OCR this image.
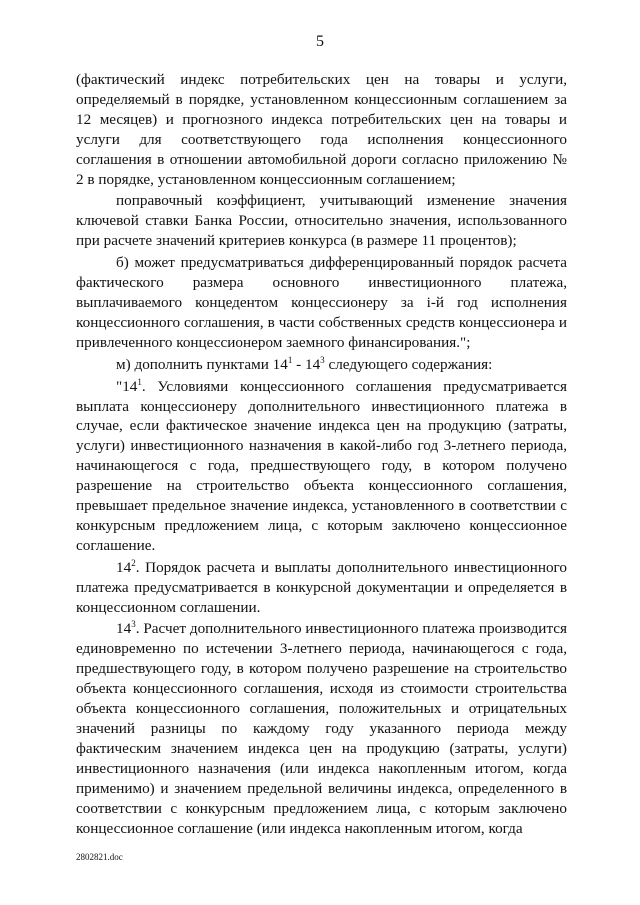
5

(фактический индекс потребительских цен на товары и услуги, определяемый в порядке, установленном концессионным соглашением за 12 месяцев) и прогнозного индекса потребительских цен на товары и услуги для соответствующего года исполнения концессионного соглашения в отношении автомобильной дороги согласно приложению № 2 в порядке, установленном концессионным соглашением;

поправочный коэффициент, учитывающий изменение значения ключевой ставки Банка России, относительно значения, использованного при расчете значений критериев конкурса (в размере 11 процентов);

б) может предусматриваться дифференцированный порядок расчета фактического размера основного инвестиционного платежа, выплачиваемого концедентом концессионеру за i-й год исполнения концессионного соглашения, в части собственных средств концессионера и привлеченного концессионером заемного финансирования.";

м) дополнить пунктами $14^1 - 14^3$ следующего содержания:

"$14^1$. Условиями концессионного соглашения предусматривается выплата концессионеру дополнительного инвестиционного платежа в случае, если фактическое значение индекса цен на продукцию (затраты, услуги) инвестиционного назначения в какой-либо год 3-летнего периода, начинающегося с года, предшествующего году, в котором получено разрешение на строительство объекта концессионного соглашения, превышает предельное значение индекса, установленного в соответствии с конкурсным предложением лица, с которым заключено концессионное соглашение.

$14^2$. Порядок расчета и выплаты дополнительного инвестиционного платежа предусматривается в конкурсной документации и определяется в концессионном соглашении.

$14^3$. Расчет дополнительного инвестиционного платежа производится единовременно по истечении 3-летнего периода, начинающегося с года, предшествующего году, в котором получено разрешение на строительство объекта концессионного соглашения, исходя из стоимости строительства объекта концессионного соглашения, положительных и отрицательных значений разницы по каждому году указанного периода между фактическим значением индекса цен на продукцию (затраты, услуги) инвестиционного назначения (или индекса накопленным итогом, когда применимо) и значением предельной величины индекса, определенного в соответствии с конкурсным предложением лица, с которым заключено концессионное соглашение (или индекса накопленным итогом, когда

2802821.doc
